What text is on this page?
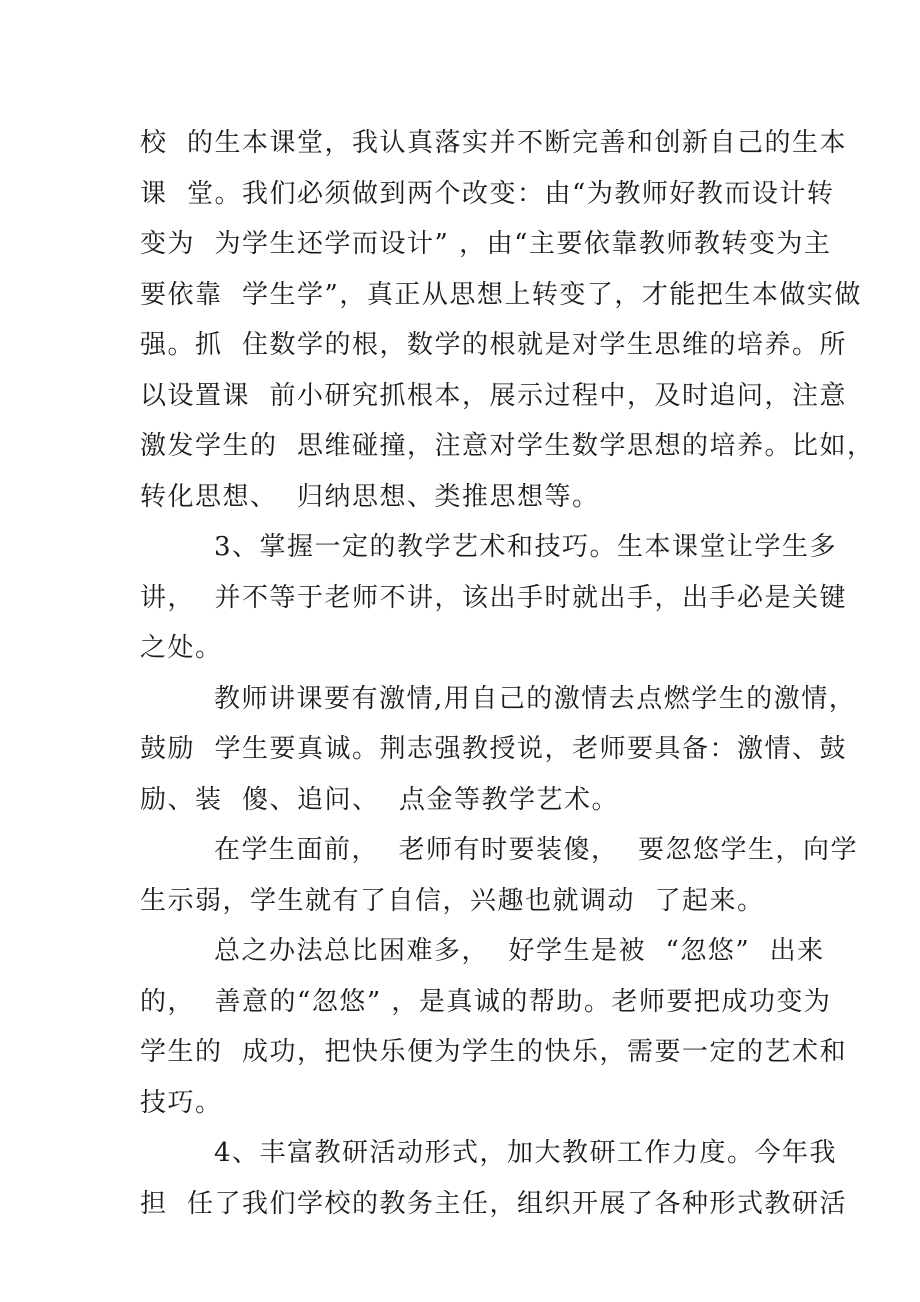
校  的生本课堂，我认真落实并不断完善和创新自己的生本
课  堂。我们必须做到两个改变：由“为教师好教而设计转
变为  为学生还学而设计” ，由“主要依靠教师教转变为主
要依靠  学生学”，真正从思想上转变了，才能把生本做实做
强。抓  住数学的根，数学的根就是对学生思维的培养。所
以设置课  前小研究抓根本，展示过程中，及时追问，注意
激发学生的  思维碰撞，注意对学生数学思想的培养。比如，
转化思想、  归纳思想、类推思想等。
3、掌握一定的教学艺术和技巧。生本课堂让学生多
讲，  并不等于老师不讲，该出手时就出手，出手必是关键
之处。
教师讲课要有激情,用自己的激情去点燃学生的激情，
鼓励  学生要真诚。荆志强教授说，老师要具备：激情、鼓
励、装  傻、追问、  点金等教学艺术。
在学生面前，  老师有时要装傻，  要忽悠学生，向学
生示弱，学生就有了自信，兴趣也就调动  了起来。
总之办法总比困难多，  好学生是被  “忽悠”  出来
的，  善意的“忽悠” ，是真诚的帮助。老师要把成功变为
学生的  成功，把快乐便为学生的快乐，需要一定的艺术和
技巧。
4、丰富教研活动形式，加大教研工作力度。今年我
担  任了我们学校的教务主任，组织开展了各种形式教研活
